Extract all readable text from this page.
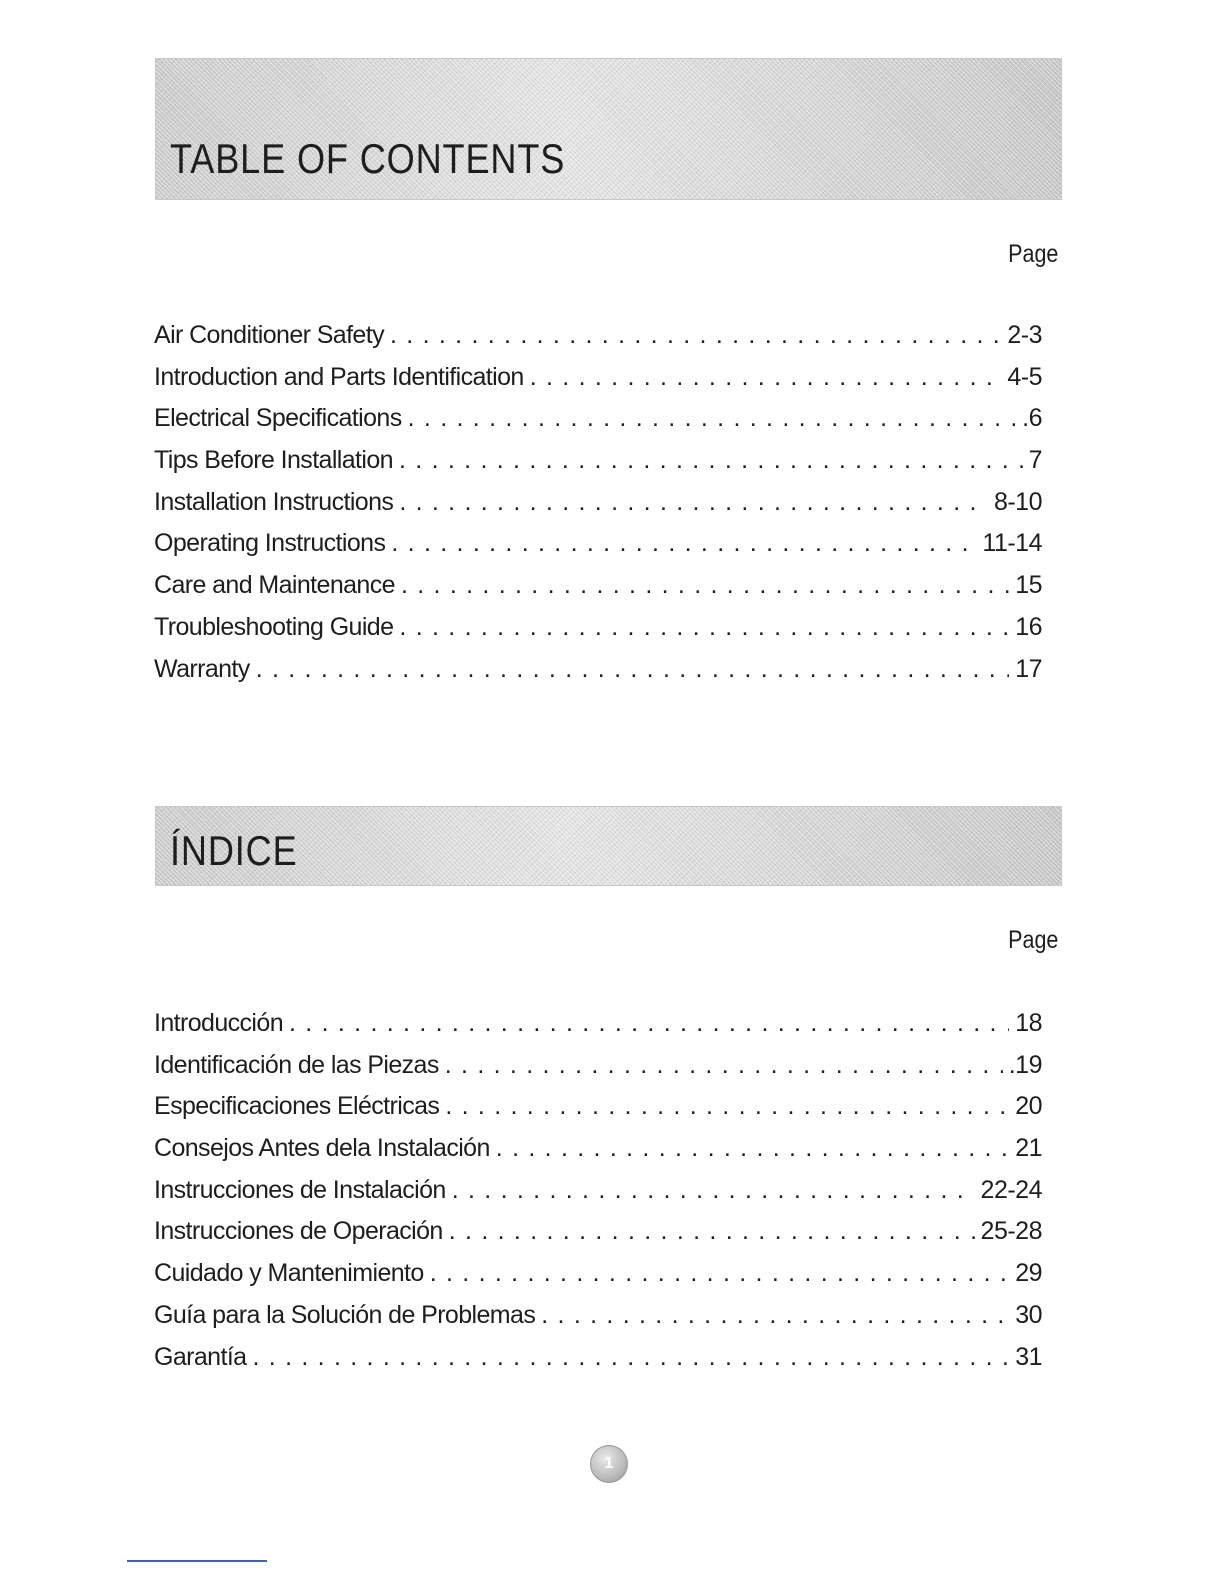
TABLE OF CONTENTS
Page
Air Conditioner Safety . . .	2-3
Introduction and Parts Identification . . .	4-5
Electrical Specifications . . .	.6
Tips Before Installation . . .	7
Installation Instructions . . .	8-10
Operating Instructions . . .	11-14
Care and Maintenance . . .	15
Troubleshooting Guide . . .	16
Warranty . . .	17
ÍNDICE
Page
Introducción . . .	18
Identificación de las Piezas . . .	.19
Especificaciones Eléctricas . . .	20
Consejos Antes dela Instalación . . .	21
Instrucciones de Instalación . . .	22-24
Instrucciones de Operación . . .	25-28
Cuidado y Mantenimiento . . .	29
Guía para la Solución de Problemas . . .	30
Garantía . . .	31
1
